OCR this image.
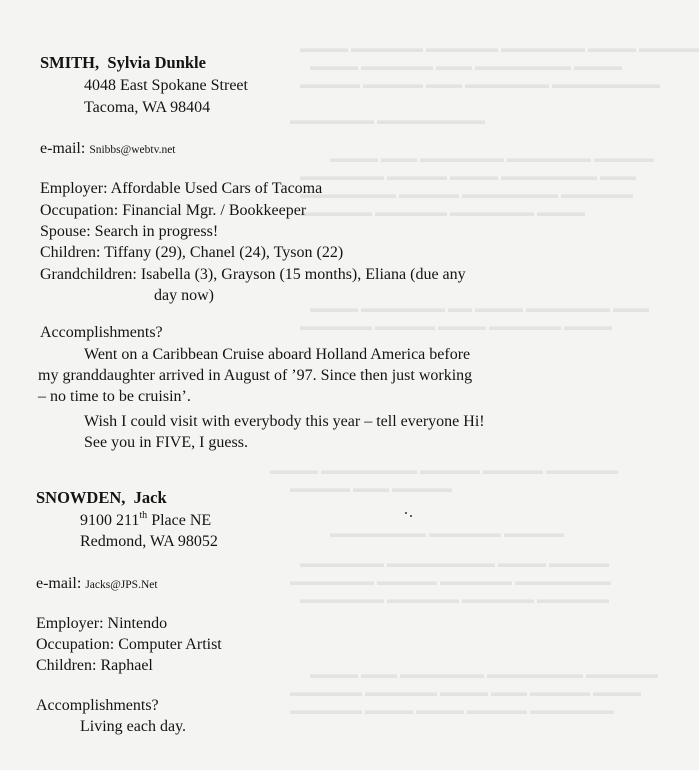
▬▬▬▬ ▬▬▬▬▬▬ ▬▬▬▬▬▬ ▬▬▬▬▬▬▬ ▬▬▬▬ ▬▬▬▬▬
▬▬▬▬ ▬▬▬▬▬▬ ▬▬▬ ▬▬▬▬▬▬▬▬ ▬▬▬▬
▬▬▬▬▬ ▬▬▬▬▬ ▬▬▬ ▬▬▬▬▬▬▬ ▬▬▬▬▬▬▬▬▬
▬▬▬▬▬▬▬ ▬▬▬▬▬▬▬▬▬
▬▬▬▬ ▬▬▬ ▬▬▬▬▬▬▬ ▬▬▬▬▬▬▬ ▬▬▬▬▬
▬▬▬▬▬▬▬ ▬▬▬▬▬ ▬▬▬▬ ▬▬▬▬▬▬▬▬ ▬▬▬
▬▬▬▬▬▬▬▬ ▬▬▬▬▬ ▬▬▬▬▬▬▬▬ ▬▬▬▬▬▬
▬▬▬▬▬▬ ▬▬▬▬▬▬ ▬▬▬▬▬▬▬ ▬▬▬▬
▬▬▬▬ ▬▬▬▬▬▬▬ ▬▬ ▬▬▬▬ ▬▬▬▬▬▬▬ ▬▬▬
▬▬▬▬▬▬ ▬▬▬▬▬ ▬▬▬▬ ▬▬▬▬▬▬ ▬▬▬▬
▬▬▬▬ ▬▬▬▬▬▬▬▬ ▬▬▬▬▬ ▬▬▬▬▬ ▬▬▬▬▬▬
▬▬▬▬▬ ▬▬▬ ▬▬▬▬▬
▬▬▬▬▬▬▬▬ ▬▬▬▬▬▬ ▬▬▬▬▬
▬▬▬▬▬▬▬ ▬▬▬▬▬▬▬▬▬ ▬▬▬▬ ▬▬▬▬▬
▬▬▬▬▬▬▬ ▬▬▬▬▬ ▬▬▬▬▬▬ ▬▬▬▬▬▬▬▬
▬▬▬▬▬▬▬ ▬▬▬▬▬▬ ▬▬▬▬▬▬ ▬▬▬▬▬▬
▬▬▬▬ ▬▬▬ ▬▬▬▬▬▬▬ ▬▬▬▬▬▬▬▬ ▬▬▬▬▬▬
▬▬▬▬▬▬ ▬▬▬▬▬▬ ▬▬▬▬ ▬▬▬ ▬▬▬▬▬ ▬▬▬▬
▬▬▬▬▬▬ ▬▬▬▬ ▬▬▬▬ ▬▬▬▬▬ ▬▬▬▬▬▬▬
SMITH, Sylvia Dunkle
4048 East Spokane Street
Tacoma, WA 98404
e-mail: Snibbs@webtv.net
Employer: Affordable Used Cars of Tacoma
Occupation: Financial Mgr. / Bookkeeper
Spouse: Search in progress!
Children: Tiffany (29), Chanel (24), Tyson (22)
Grandchildren: Isabella (3), Grayson (15 months), Eliana (due any
day now)
Accomplishments?
Went on a Caribbean Cruise aboard Holland America before
my granddaughter arrived in August of ’97. Since then just working
– no time to be cruisin’.
Wish I could visit with everybody this year – tell everyone Hi!
See you in FIVE, I guess.
SNOWDEN, Jack
9100 211th Place NE
Redmond, WA 98052
e-mail: Jacks@JPS.Net
Employer: Nintendo
Occupation: Computer Artist
Children: Raphael
Accomplishments?
Living each day.
